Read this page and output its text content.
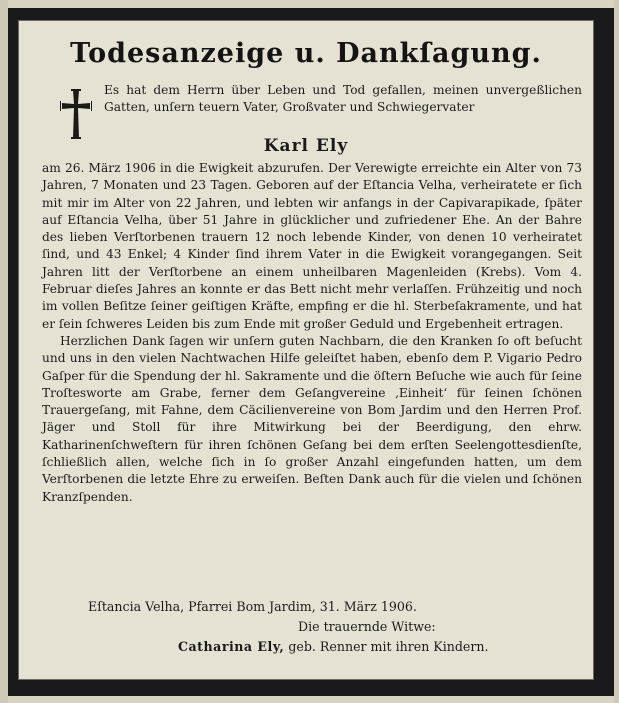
Todesanzeige u. Dankſagung.
Es hat dem Herrn über Leben und Tod gefallen, meinen unvergeßlichen Gatten, unſern teuern Vater, Großvater und Schwiegervater
Karl Ely

am 26. März 1906 in die Ewigkeit abzurufen. Der Verewigte erreichte ein Alter von 73 Jahren, 7 Monaten und 23 Tagen. Geboren auf der Eſtancia Velha, verheiratete er ſich mit mir im Alter von 22 Jahren, und lebten wir anfangs in der Capivarapikade, ſpäter auf Eſtancia Velha, über 51 Jahre in glücklicher und zufriedener Ehe. An der Bahre des lieben Verſtorbenen trauern 12 noch lebende Kinder, von denen 10 verheiratet ſind, und 43 Enkel; 4 Kinder ſind ihrem Vater in die Ewigkeit vorangegangen. Seit Jahren litt der Verſtorbene an einem unheilbaren Magenleiden (Krebs). Vom 4. Februar dieſes Jahres an konnte er das Bett nicht mehr verlaſſen. Frühzeitig und noch im vollen Beſitze ſeiner geiſtigen Kräfte, empfing er die hl. Sterbeſakramente, und hat er ſein ſchweres Leiden bis zum Ende mit großer Geduld und Ergebenheit ertragen.

Herzlichen Dank ſagen wir unſern guten Nachbarn, die den Kranken ſo oft beſucht und uns in den vielen Nachtwachen Hilfe geleiſtet haben, ebenſo dem P. Vigario Pedro Gaſper für die Spendung der hl. Sakramente und die öſtern Beſuche wie auch für ſeine Troſtesworte am Grabe, ferner dem Geſangvereine ‚Einheit‘ für ſeinen ſchönen Trauergeſang, mit Fahne, dem Cäcilienvereine von Bom Jardim und den Herren Prof. Jäger und Stoll für ihre Mitwirkung bei der Beerdigung, den ehrw. Katharinenſchweſtern für ihren ſchönen Geſang bei dem erſten Seelengottesdienſte, ſchließlich allen, welche ſich in ſo großer Anzahl eingefunden hatten, um dem Verſtorbenen die letzte Ehre zu erweiſen. Beſten Dank auch für die vielen und ſchönen Kranzſpenden.

Eſtancia Velha, Pfarrei Bom Jardim, 31. März 1906.
Die trauernde Witwe:
Catharina Ely, geb. Renner mit ihren Kindern.
